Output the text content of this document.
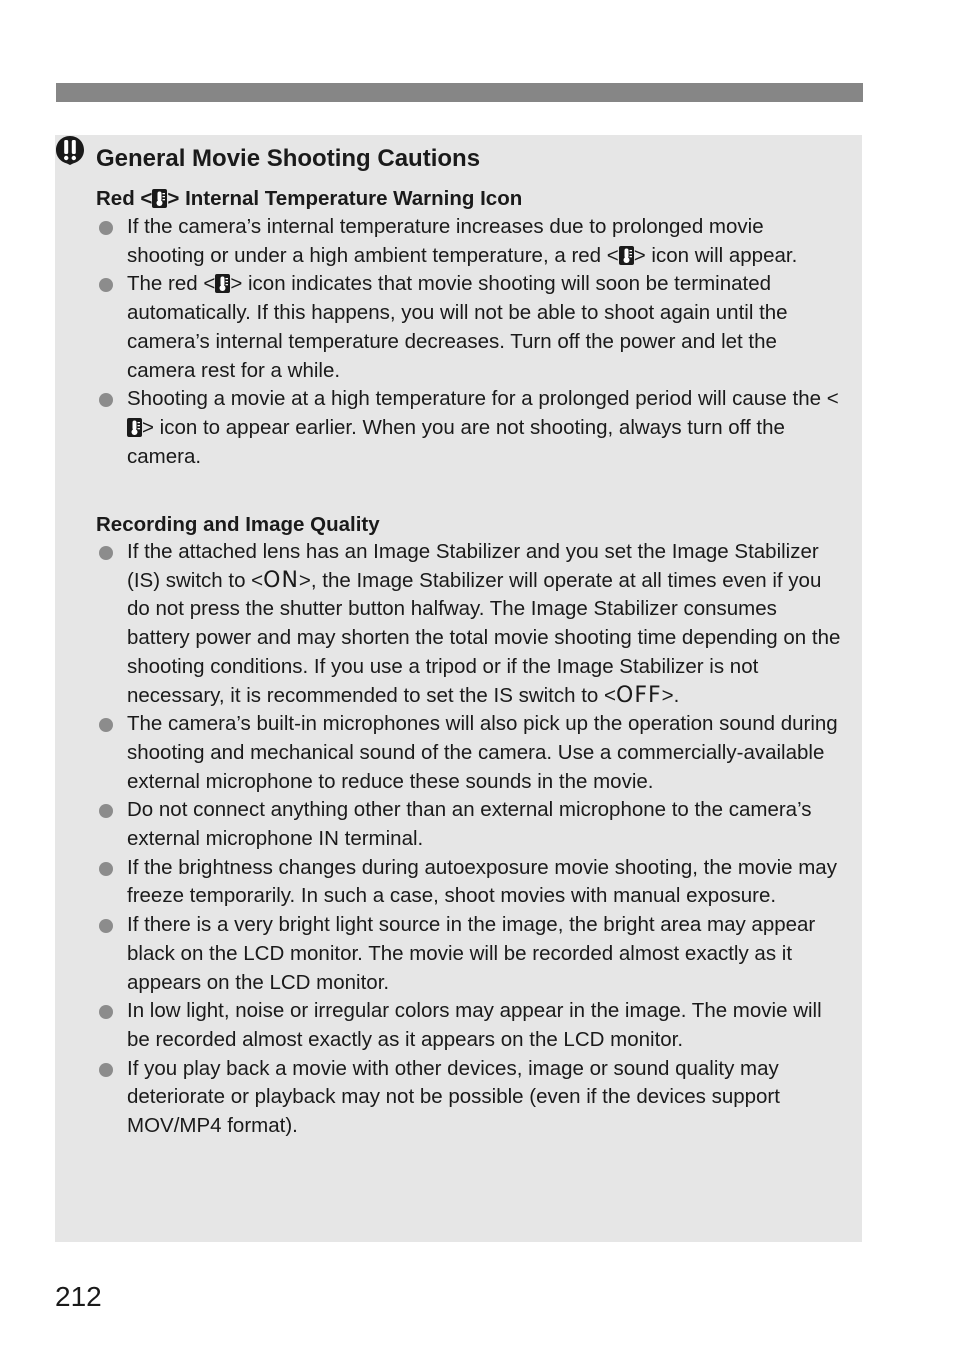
General Movie Shooting Cautions
Red < > Internal Temperature Warning Icon
If the camera’s internal temperature increases due to prolonged movie shooting or under a high ambient temperature, a red < > icon will appear.
The red < > icon indicates that movie shooting will soon be terminated automatically. If this happens, you will not be able to shoot again until the camera’s internal temperature decreases. Turn off the power and let the camera rest for a while.
Shooting a movie at a high temperature for a prolonged period will cause the <> icon to appear earlier. When you are not shooting, always turn off the camera.
Recording and Image Quality
If the attached lens has an Image Stabilizer and you set the Image Stabilizer (IS) switch to <ON>, the Image Stabilizer will operate at all times even if you do not press the shutter button halfway. The Image Stabilizer consumes battery power and may shorten the total movie shooting time depending on the shooting conditions. If you use a tripod or if the Image Stabilizer is not necessary, it is recommended to set the IS switch to <OFF>.
The camera’s built-in microphones will also pick up the operation sound during shooting and mechanical sound of the camera. Use a commercially-available external microphone to reduce these sounds in the movie.
Do not connect anything other than an external microphone to the camera’s external microphone IN terminal.
If the brightness changes during autoexposure movie shooting, the movie may freeze temporarily. In such a case, shoot movies with manual exposure.
If there is a very bright light source in the image, the bright area may appear black on the LCD monitor. The movie will be recorded almost exactly as it appears on the LCD monitor.
In low light, noise or irregular colors may appear in the image. The movie will be recorded almost exactly as it appears on the LCD monitor.
If you play back a movie with other devices, image or sound quality may deteriorate or playback may not be possible (even if the devices support MOV/MP4 format).

212
